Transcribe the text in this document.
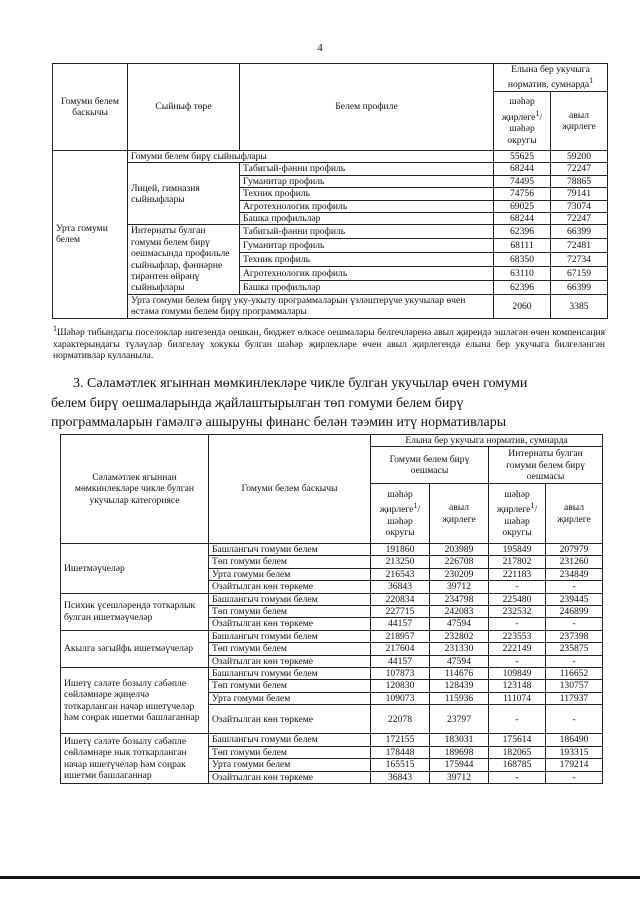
4
Гомуми белем баскычы	Сыйныф төре	Белем профиле	Елына бер укучыга норматив, сумнарда$^1$
			шәһәр җирлеге$^1$/ шәһәр округы	авыл җирлеге
Урта гомуми белем	Гомуми белем бирү сыйныфлары		55625	59200
	Лицей, гимназия сыйныфлары	Табигый-фәнни профиль	68244	72247
		Гуманитар профиль	74495	78865
		Техник профиль	74756	79141
		Агротехнологик профиль	69025	73074
		Башка профильләр	68244	72247
	Интернаты булган гомуми белем бирү оешмасында профильле сыйныфлар, фәннәрне тирәнтен өйрәнү сыйныфлары	Табигый-фәнни профиль	62396	66399
		Гуманитар профиль	68111	72481
		Техник профиль	68350	72734
		Агротехнологик профиль	63110	67159
		Башка профильләр	62396	66399
	Урта гомуми белем бирү уку-укыту программаларын үзләштерүче укучылар өчен өстәмә гомуми белем бирү программалары		2060	3385
$^1$Шәһәр тибындагы поселоклар нигезендә оешкан, бюджет өлкәсе оешмалары белгечләренә авыл җирендә эшләгән өчен компенсация характерындагы түләүләр билгеләү хокукы булган шәһәр җирлекләре өчен авыл җирлегендә елына бер укучыга билгеләнгән нормативлар кулланыла.
3. Сәламәтлек ягыннан мөмкинлекләре чикле булган укучылар өчен гомуми
белем бирү оешмаларында җайлаштырылган төп гомуми белем бирү
программаларын гамәлгә ашыруны финанс белән тәэмин итү нормативлары
Сәламәтлек ягыннан мөмкинлекләре чикле булган укучылар категориясе	Гомуми белем баскычы	Елына бер укучыга норматив, сумнарда			
		Гомуми белем бирү оешмасы		Интернаты булган гомуми белем бирү оешмасы	
		шәһәр җирлеге$^1$/ шәһәр округы	авыл җирлеге	шәһәр җирлеге$^1$/ шәһәр округы	авыл җирлеге
Ишетмәүчеләр	Башлангыч гомуми белем	191860	203989	195849	207979
	Төп гомуми белем	213250	226708	217802	231260
	Урта гомуми белем	216543	230209	221183	234849
	Озайтылган көн төркеме	36843	39712	-	-
Психик үсешләрендә тоткарлык булган ишетмәүчеләр	Башлангыч гомуми белем	220834	234798	225480	239445
	Төп гомуми белем	227715	242083	232532	246899
	Озайтылган көн төркеме	44157	47594	-	-
Акылга зәгыйфь ишетмәүчеләр	Башлангыч гомуми белем	218957	232802	223553	237398
	Төп гомуми белем	217604	231330	222149	235875
	Озайтылган көн төркеме	44157	47594	-	-
Ишетү сәләте бозылу сәбәпле сөйләмнәре җиңелчә тоткарланган начар ишетүчеләр һәм соңрак ишетми башлаганнар	Башлангыч гомуми белем	107873	114676	109849	116652
	Төп гомуми белем	120830	128439	123148	130757
	Урта гомуми белем	109073	115936	111074	117937
	Озайтылган көн төркеме	22078	23797	-	-
Ишетү сәләте бозылу сәбәпле сөйләмнәре нык тоткарланган начар ишетүчеләр һәм соңрак ишетми башлаганнар	Башлангыч гомуми белем	172155	183031	175614	186490
	Төп гомуми белем	178448	189698	182065	193315
	Урта гомуми белем	165515	175944	168785	179214
	Озайтылган көн төркеме	36843	39712	-	-
